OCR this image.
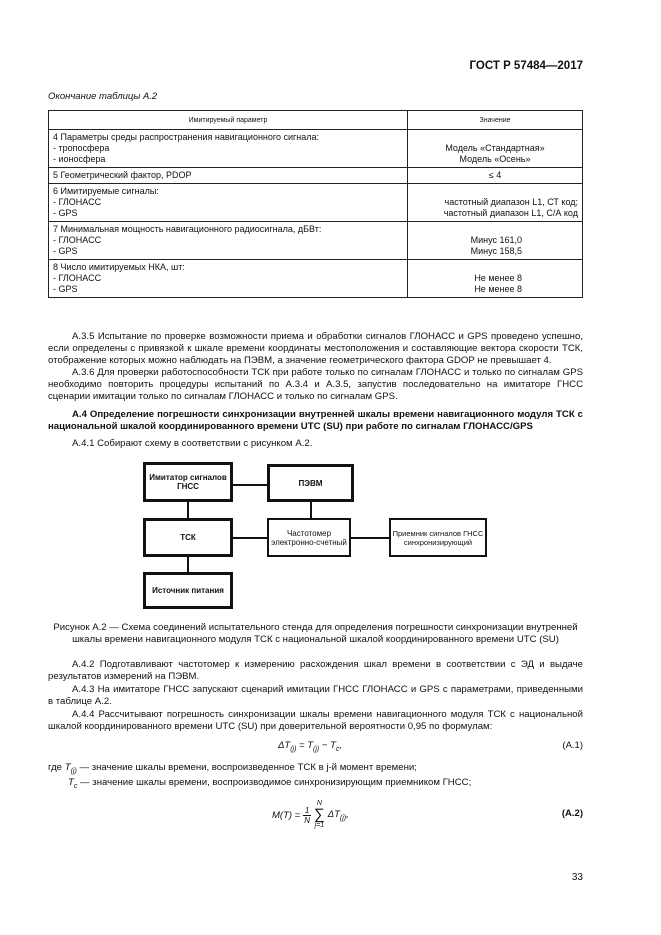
ГОСТ Р 57484—2017
Окончание таблицы А.2
Имитируемый параметр	Значение

4 Параметры среды распространения навигационного сигнала:
- тропосфера
- ионосфера	Модель «Стандартная»
Модель «Осень»

5 Геометрический фактор, PDOP	≤ 4

6 Имитируемые сигналы:
- ГЛОНАСС
- GPS	частотный диапазон L1, СТ код;
частотный диапазон L1, С/А код

7 Минимальная мощность навигационного радиосигнала, дБВт:
- ГЛОНАСС
- GPS	Минус 161,0
Минус 158,5

8 Число имитируемых НКА, шт:
- ГЛОНАСС
- GPS	Не менее 8
Не менее 8
А.3.5 Испытание по проверке возможности приема и обработки сигналов ГЛОНАСС и GPS проведено успешно, если определены с привязкой к шкале времени координаты местоположения и составляющие вектора скорости ТСК, отображение которых можно наблюдать на ПЭВМ, а значение геометрического фактора GDOP не превышает 4.
А.3.6 Для проверки работоспособности ТСК при работе только по сигналам ГЛОНАСС и только по сигналам GPS необходимо повторить процедуры испытаний по А.3.4 и А.3.5, запустив последовательно на имитаторе ГНСС сценарии имитации только по сигналам ГЛОНАСС и только по сигналам GPS.
А.4 Определение погрешности синхронизации внутренней шкалы времени навигационного модуля ТСК с национальной шкалой координированного времени UTC (SU) при работе по сигналам ГЛОНАСС/GPS
А.4.1 Собирают схему в соответствии с рисунком А.2.
Имитатор сигналов ГНСС	ПЭВМ
ТСК	Частотомер электронно-счетный
Приемник сигналов ГНСС синхронизирующий
Источник питания
Рисунок А.2 — Схема соединений испытательного стенда для определения погрешности синхронизации внутренней шкалы времени навигационного модуля ТСК с национальной шкалой координированного времени UTC (SU)
А.4.2 Подготавливают частотомер к измерению расхождения шкал времени в соответствии с ЭД и выдаче результатов измерений на ПЭВМ.
А.4.3 На имитаторе ГНСС запускают сценарий имитации ГНСС ГЛОНАСС и GPS с параметрами, приведенными в таблице А.2.
А.4.4 Рассчитывают погрешность синхронизации шкалы времени навигационного модуля ТСК с национальной шкалой координированного времени UTC (SU) при доверительной вероятности 0,95 по формулам:
$\Delta T_{(j)} = T_{(j)} - T_c$,	(А.1)
где $T_{(j)}$ — значение шкалы времени, воспроизведенное ТСК в j-й момент времени;
$T_c$ — значение шкалы времени, воспроизводимое синхронизирующим приемником ГНСС;
$M(T) = \frac{1}{N}$
N
∑
j=1
$\Delta T_{(j)}$,	(А.2)
33
